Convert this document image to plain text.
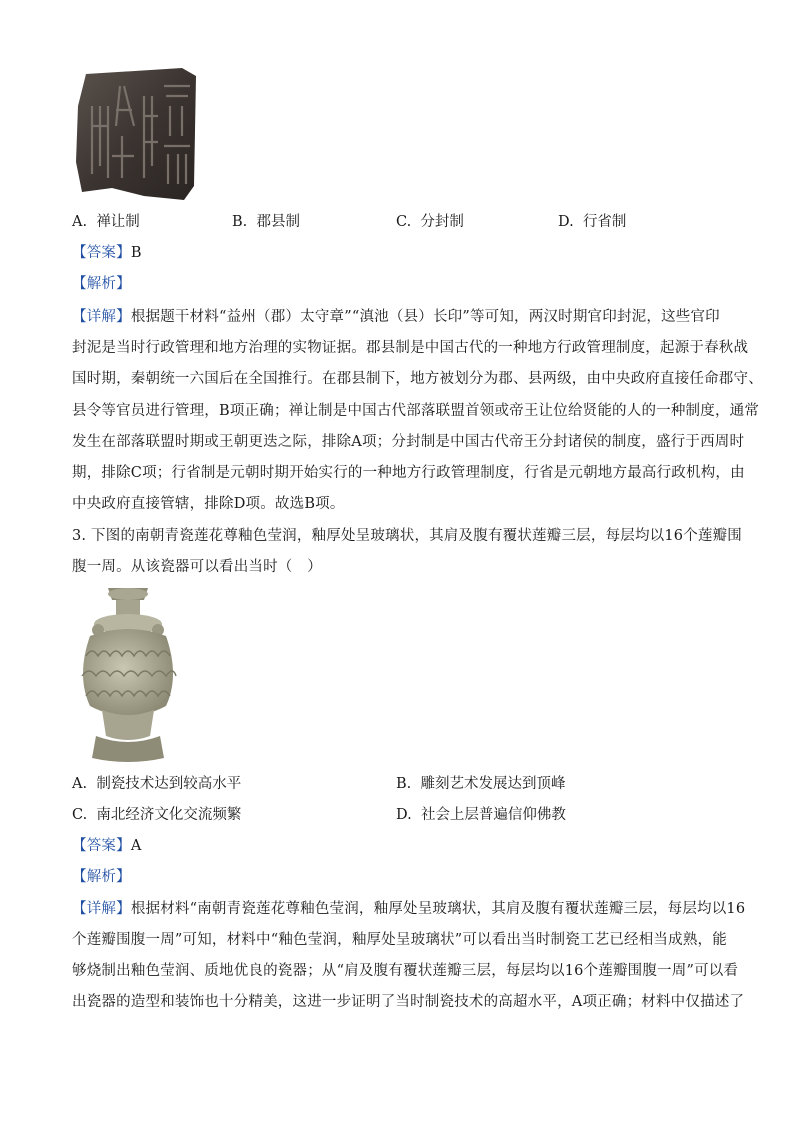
A. 禅让制	B. 郡县制	C. 分封制	D. 行省制
【答案】B
【解析】
【详解】根据题干材料“益州（郡）太守章”“滇池（县）长印”等可知，两汉时期官印封泥，这些官印
封泥是当时行政管理和地方治理的实物证据。郡县制是中国古代的一种地方行政管理制度，起源于春秋战
国时期，秦朝统一六国后在全国推行。在郡县制下，地方被划分为郡、县两级，由中央政府直接任命郡守、
县令等官员进行管理，B项正确；禅让制是中国古代部落联盟首领或帝王让位给贤能的人的一种制度，通常
发生在部落联盟时期或王朝更迭之际，排除A项；分封制是中国古代帝王分封诸侯的制度，盛行于西周时
期，排除C项；行省制是元朝时期开始实行的一种地方行政管理制度，行省是元朝地方最高行政机构，由
中央政府直接管辖，排除D项。故选B项。
3. 下图的南朝青瓷莲花尊釉色莹润，釉厚处呈玻璃状，其肩及腹有覆状莲瓣三层，每层均以16个莲瓣围
腹一周。从该瓷器可以看出当时（　）
A. 制瓷技术达到较高水平	B. 雕刻艺术发展达到顶峰
C. 南北经济文化交流频繁	D. 社会上层普遍信仰佛教
【答案】A
【解析】
【详解】根据材料“南朝青瓷莲花尊釉色莹润，釉厚处呈玻璃状，其肩及腹有覆状莲瓣三层，每层均以16
个莲瓣围腹一周”可知，材料中“釉色莹润，釉厚处呈玻璃状”可以看出当时制瓷工艺已经相当成熟，能
够烧制出釉色莹润、质地优良的瓷器；从“肩及腹有覆状莲瓣三层，每层均以16个莲瓣围腹一周”可以看
出瓷器的造型和装饰也十分精美，这进一步证明了当时制瓷技术的高超水平，A项正确；材料中仅描述了
